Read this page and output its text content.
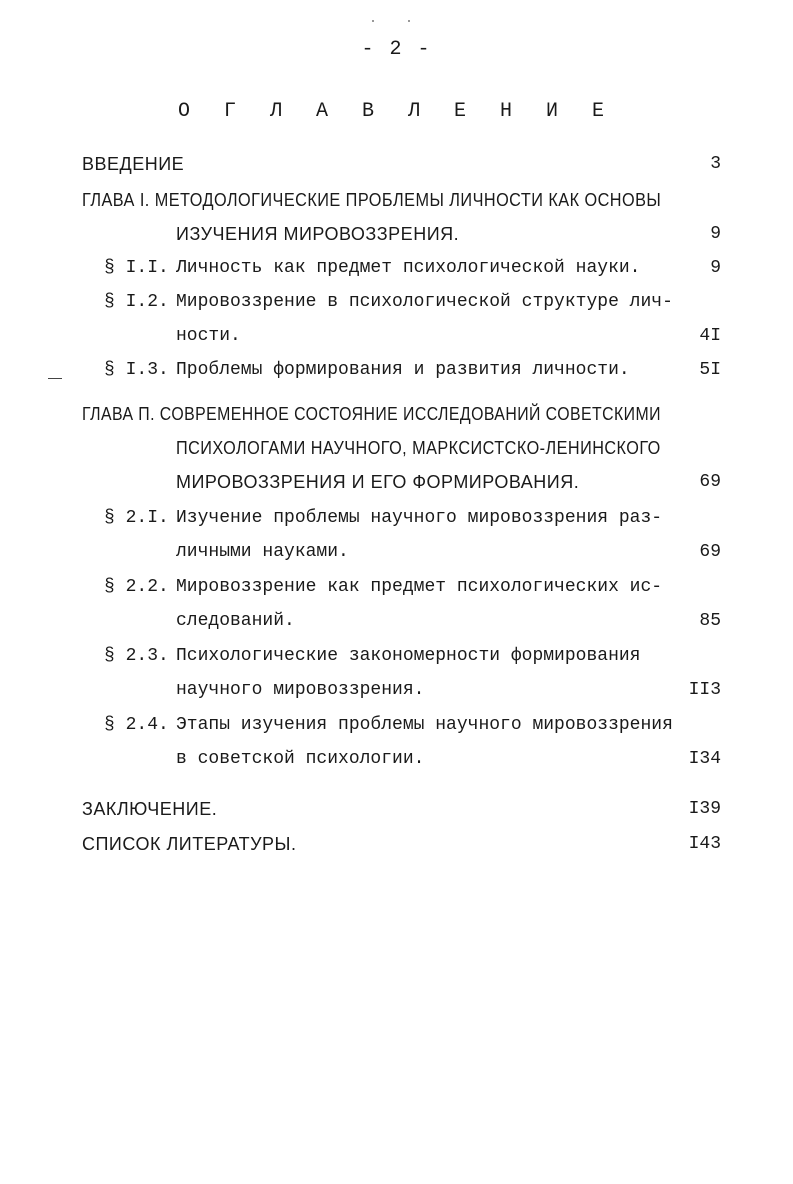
- 2 -
О Г Л А В Л Е Н И Е
ВВЕДЕНИЕ	3
ГЛАВА I. МЕТОДОЛОГИЧЕСКИЕ ПРОБЛЕМЫ ЛИЧНОСТИ КАК ОСНОВЫ
ИЗУЧЕНИЯ МИРОВОЗЗРЕНИЯ.	9
§ I.I. Личность как предмет психологической науки.	9
§ I.2. Мировоззрение в психологической структуре лич-
ности.	4I
§ I.3. Проблемы формирования и развития личности.	5I
ГЛАВА П. СОВРЕМЕННОЕ СОСТОЯНИЕ ИССЛЕДОВАНИЙ СОВЕТСКИМИ
ПСИХОЛОГАМИ НАУЧНОГО, МАРКСИСТСКО-ЛЕНИНСКОГО
МИРОВОЗЗРЕНИЯ И ЕГО ФОРМИРОВАНИЯ.	69
§ 2.I. Изучение проблемы научного мировоззрения раз-
личными науками.	69
§ 2.2. Мировоззрение как предмет психологических ис-
следований.	85
§ 2.3. Психологические закономерности формирования
научного мировоззрения.	II3
§ 2.4. Этапы изучения проблемы научного мировоззрения
в советской психологии.	I34
ЗАКЛЮЧЕНИЕ.	I39
СПИСОК ЛИТЕРАТУРЫ.	I43
